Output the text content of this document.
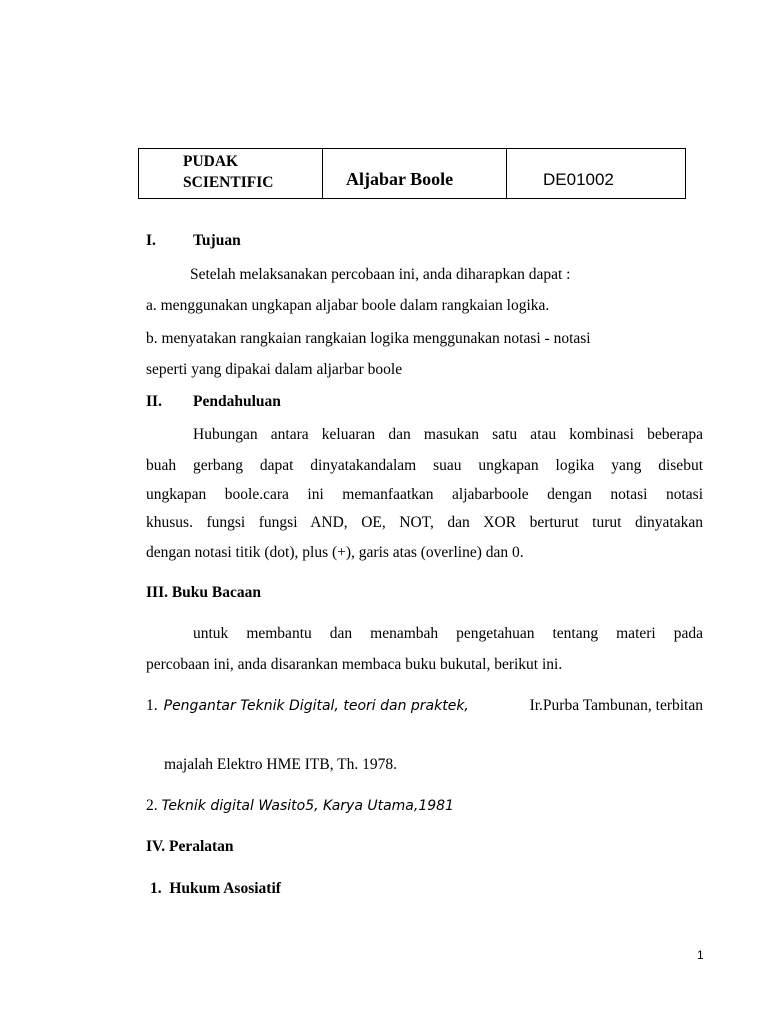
PUDAK SCIENTIFIC	Aljabar Boole	DE01002
I. Tujuan
Setelah melaksanakan percobaan ini, anda diharapkan dapat :
a. menggunakan ungkapan aljabar boole dalam rangkaian logika.
b. menyatakan rangkaian rangkaian logika menggunakan notasi - notasi
seperti yang dipakai dalam aljarbar boole
II. Pendahuluan
Hubungan antara keluaran dan masukan satu atau kombinasi beberapa
buah gerbang dapat dinyatakandalam suau ungkapan logika yang disebut
ungkapan boole.cara ini memanfaatkan aljabarboole dengan notasi notasi
khusus. fungsi fungsi AND, OE, NOT, dan XOR berturut turut dinyatakan
dengan notasi titik (dot), plus (+), garis atas (overline) dan 0.
III. Buku Bacaan
untuk membantu dan menambah pengetahuan tentang materi pada
percobaan ini, anda disarankan membaca buku bukutal, berikut ini.
1. Pengantar Teknik Digital, teori dan praktek,	Ir.Purba Tambunan, terbitan
majalah Elektro HME ITB, Th. 1978.
2. Teknik digital Wasito5, Karya Utama,1981
IV. Peralatan
1.  Hukum Asosiatif
1
